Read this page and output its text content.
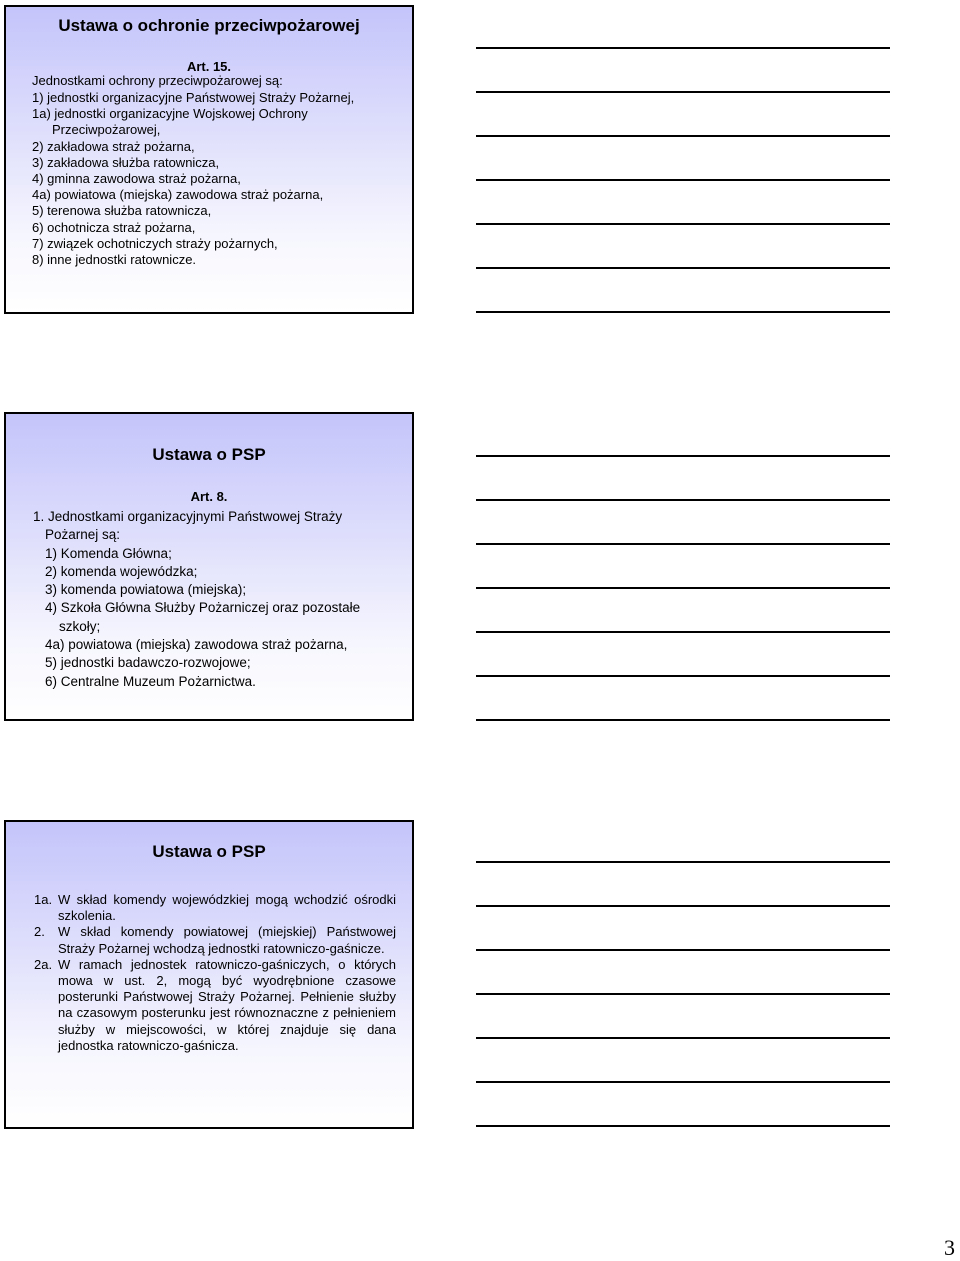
Ustawa o ochronie przeciwpożarowej
Art. 15.
Jednostkami ochrony przeciwpożarowej są:
1) jednostki organizacyjne Państwowej Straży Pożarnej,
1a) jednostki organizacyjne Wojskowej Ochrony
Przeciwpożarowej,
2) zakładowa straż pożarna,
3) zakładowa służba ratownicza,
4) gminna zawodowa straż pożarna,
4a) powiatowa (miejska) zawodowa straż pożarna,
5) terenowa służba ratownicza,
6) ochotnicza straż pożarna,
7) związek ochotniczych straży pożarnych,
8) inne jednostki ratownicze.
Ustawa o PSP
Art. 8.
1. Jednostkami organizacyjnymi Państwowej Straży
Pożarnej są:
1) Komenda Główna;
2) komenda wojewódzka;
3) komenda powiatowa (miejska);
4) Szkoła Główna Służby Pożarniczej oraz pozostałe
szkoły;
4a) powiatowa (miejska) zawodowa straż pożarna,
5) jednostki badawczo-rozwojowe;
6) Centralne Muzeum Pożarnictwa.
Ustawa o PSP
1a. W skład komendy wojewódzkiej mogą wchodzić ośrodki szkolenia.
2.	W skład komendy powiatowej (miejskiej) Państwowej Straży Pożarnej wchodzą jednostki ratowniczo-gaśnicze.
2a. W ramach jednostek ratowniczo-gaśniczych, o których mowa w ust. 2, mogą być wyodrębnione czasowe posterunki Państwowej Straży Pożarnej. Pełnienie służby na czasowym posterunku jest równoznaczne z pełnieniem służby w miejscowości, w której znajduje się dana jednostka ratowniczo-gaśnicza.
3
